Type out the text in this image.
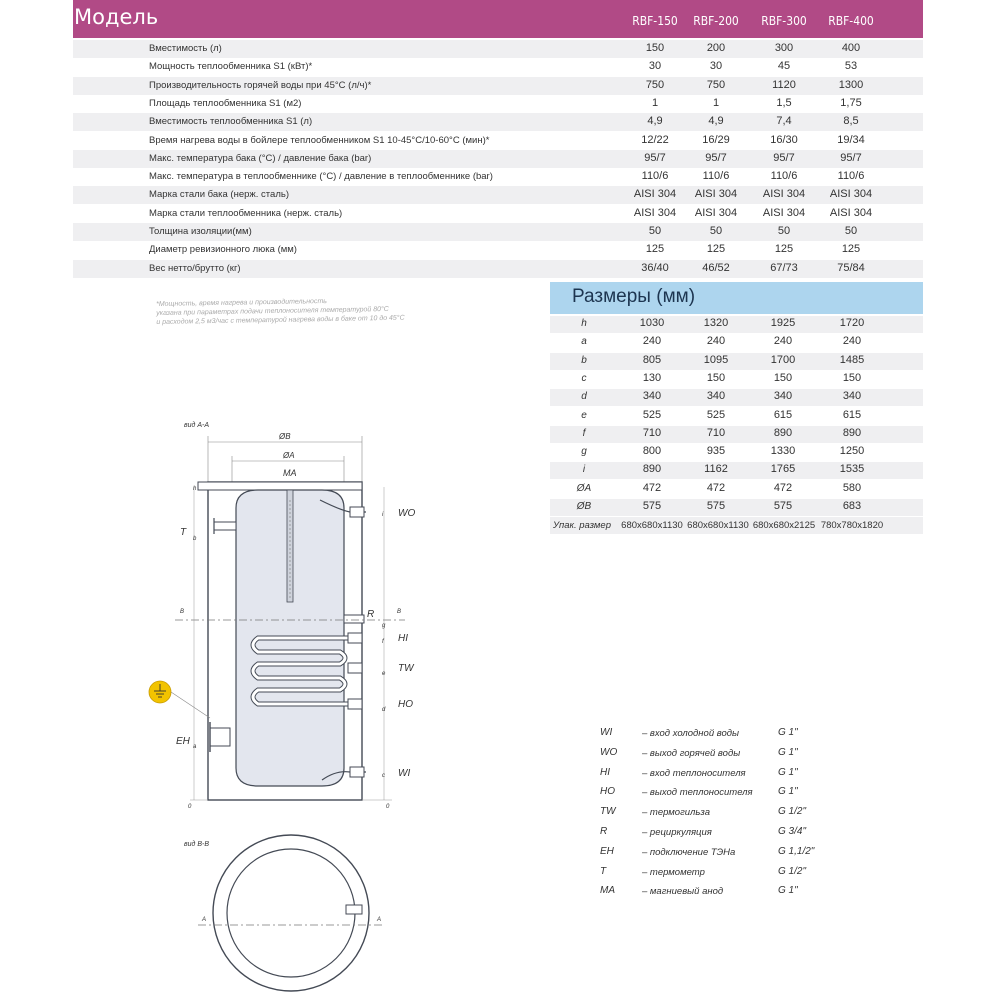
Модель	RBF-150	RBF-200	RBF-300	RBF-400
Вместимость (л)	150	200	300	400
Мощность теплообменника S1 (кВт)*	30	30	45	53
Производительность горячей воды при 45°С (л/ч)*	750	750	1120	1300
Площадь теплообменника S1 (м2)	1	1	1,5	1,75
Вместимость теплообменника S1 (л)	4,9	4,9	7,4	8,5
Время нагрева воды в бойлере теплообменником S1 10-45°С/10-60°С (мин)*	12/22	16/29	16/30	19/34
Макс. температура бака (°С) / давление бака (bar)	95/7	95/7	95/7	95/7
Макс. температура в теплообменнике (°С) / давление в теплообменнике (bar)	110/6	110/6	110/6	110/6
Марка стали бака (нерж. сталь)	AISI 304	AISI 304	AISI 304	AISI 304
Марка стали теплообменника (нерж. сталь)	AISI 304	AISI 304	AISI 304	AISI 304
Толщина изоляции(мм)	50	50	50	50
Диаметр ревизионного люка (мм)	125	125	125	125
Вес нетто/брутто (кг)	36/40	46/52	67/73	75/84
*Мощность, время нагрева и производительность
указана при параметрах подачи теплоносителя температурой 80°С
и расходом 2,5 м3/час с температурой нагрева воды в баке от 10 до 45°С
Размеры (мм)
h	1030	1320	1925	1720
a	240	240	240	240
b	805	1095	1700	1485
c	130	150	150	150
d	340	340	340	340
e	525	525	615	615
f	710	710	890	890
g	800	935	1330	1250
i	890	1162	1765	1535
ØA	472	472	472	580
ØB	575	575	575	683
Упак. размер	680x680x1130 680x680x1130 680x680x2125 780x780x1820
вид А-А
ØB
ØA
MA
T
EH
R
WO
HI
TW
HO
WI
h
b
a
i
g
f
e
d
c
0	0
B	B
вид В-В
A	A
WI	– вход холодной воды	G 1"
WO	– выход горячей воды	G 1"
HI	– вход теплоносителя	G 1"
HO	– выход теплоносителя	G 1"
TW	– термогильза	G 1/2"
R	– рециркуляция	G 3/4"
EH	– подключение ТЭНа	G 1,1/2"
T	– термометр	G 1/2"
MA	– магниевый анод	G 1"
